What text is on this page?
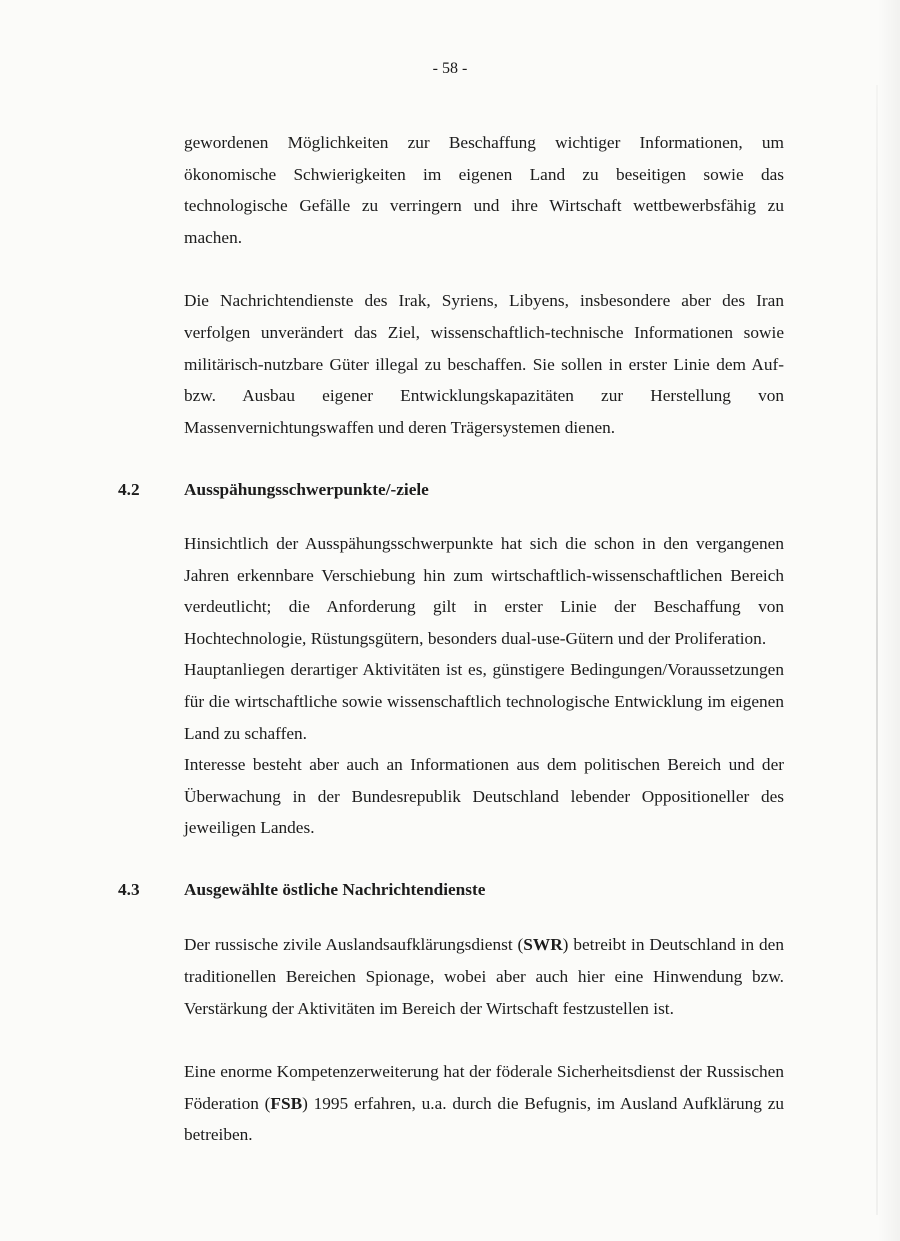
- 58 -

gewordenen Möglichkeiten zur Beschaffung wichtiger Informationen, um ökonomische Schwierigkeiten im eigenen Land zu beseitigen sowie das technologische Gefälle zu verringern und ihre Wirtschaft wettbewerbsfähig zu machen.

Die Nachrichtendienste des Irak, Syriens, Libyens, insbesondere aber des Iran verfolgen unverändert das Ziel, wissenschaftlich-technische Informationen sowie militärisch-nutzbare Güter illegal zu beschaffen. Sie sollen in erster Linie dem Auf- bzw. Ausbau eigener Entwicklungskapazitäten zur Herstellung von Massenvernichtungswaffen und deren Trägersystemen dienen.

4.2	Ausspähungsschwerpunkte/-ziele

Hinsichtlich der Ausspähungsschwerpunkte hat sich die schon in den vergangenen Jahren erkennbare Verschiebung hin zum wirtschaftlich-wissenschaftlichen Bereich verdeutlicht; die Anforderung gilt in erster Linie der Beschaffung von Hochtechnologie, Rüstungsgütern, besonders dual-use-Gütern und der Proliferation.

Hauptanliegen derartiger Aktivitäten ist es, günstigere Bedingungen/Voraussetzungen für die wirtschaftliche sowie wissenschaftlich technologische Entwicklung im eigenen Land zu schaffen.

Interesse besteht aber auch an Informationen aus dem politischen Bereich und der Überwachung in der Bundesrepublik Deutschland lebender Oppositioneller des jeweiligen Landes.

4.3	Ausgewählte östliche Nachrichtendienste

Der russische zivile Auslandsaufklärungsdienst (SWR) betreibt in Deutschland in den traditionellen Bereichen Spionage, wobei aber auch hier eine Hinwendung bzw. Verstärkung der Aktivitäten im Bereich der Wirtschaft festzustellen ist.

Eine enorme Kompetenzerweiterung hat der föderale Sicherheitsdienst der Russischen Föderation (FSB) 1995 erfahren, u.a. durch die Befugnis, im Ausland Aufklärung zu betreiben.
